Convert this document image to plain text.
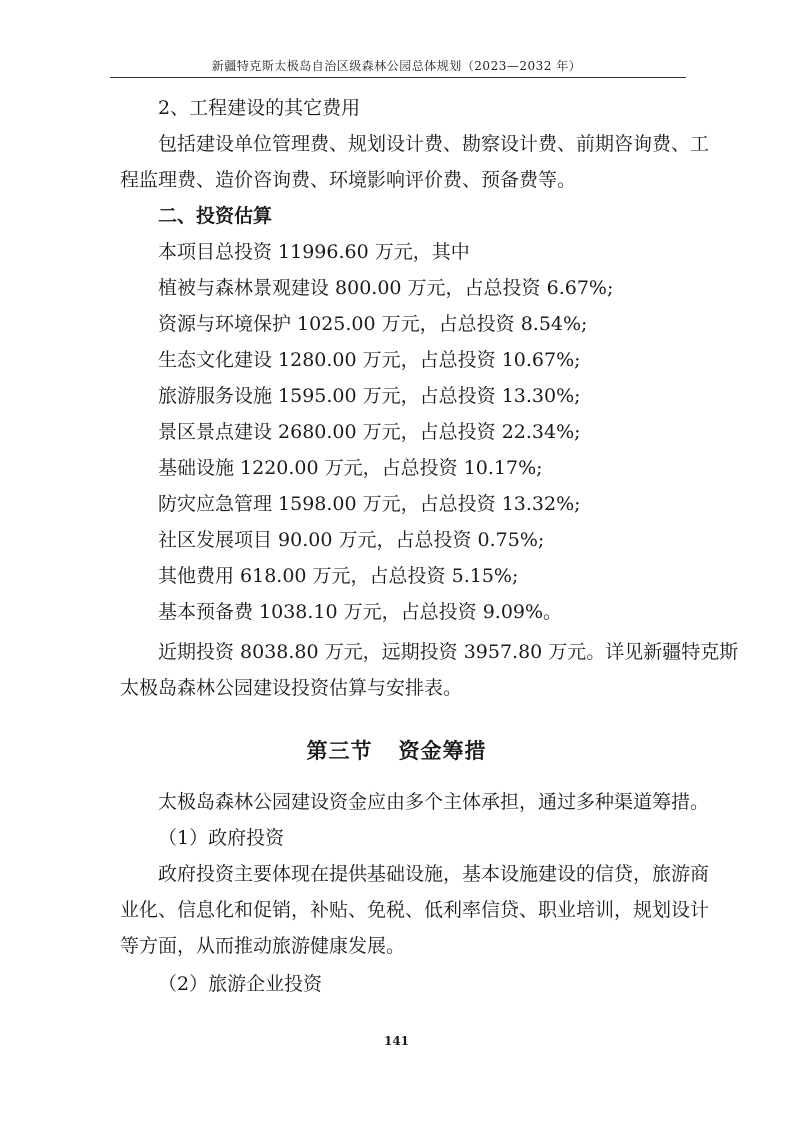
新疆特克斯太极岛自治区级森林公园总体规划（2023—2032 年）
2、工程建设的其它费用
包括建设单位管理费、规划设计费、勘察设计费、前期咨询费、工
程监理费、造价咨询费、环境影响评价费、预备费等。
二、投资估算
本项目总投资 11996.60 万元，其中
植被与森林景观建设 800.00 万元，占总投资 6.67%;
资源与环境保护 1025.00 万元，占总投资 8.54%;
生态文化建设 1280.00 万元，占总投资 10.67%;
旅游服务设施 1595.00 万元，占总投资 13.30%;
景区景点建设 2680.00 万元，占总投资 22.34%;
基础设施 1220.00 万元，占总投资 10.17%;
防灾应急管理 1598.00 万元，占总投资 13.32%;
社区发展项目 90.00 万元，占总投资 0.75%;
其他费用 618.00 万元，占总投资 5.15%;
基本预备费 1038.10 万元，占总投资 9.09%。
近期投资 8038.80 万元，远期投资 3957.80 万元。详见新疆特克斯
太极岛森林公园建设投资估算与安排表。
第三节 资金筹措
太极岛森林公园建设资金应由多个主体承担，通过多种渠道筹措。
（1）政府投资
政府投资主要体现在提供基础设施，基本设施建设的信贷，旅游商
业化、信息化和促销，补贴、免税、低利率信贷、职业培训，规划设计
等方面，从而推动旅游健康发展。
（2）旅游企业投资
141
